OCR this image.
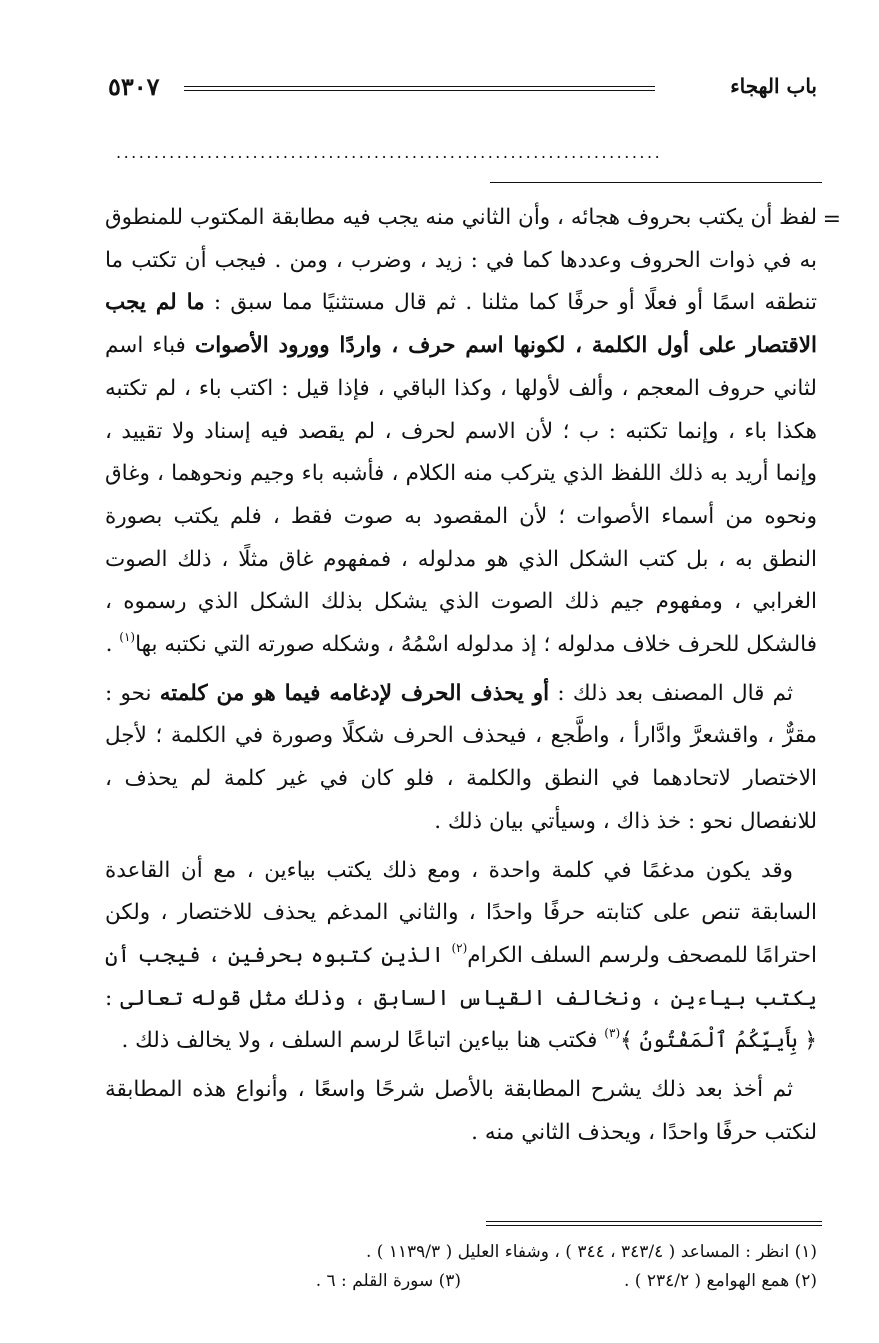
باب الهجاء
٥٣٠٧
........................................................................
=

لفظ أن يكتب بحروف هجائه ، وأن الثاني منه يجب فيه مطابقة المكتوب للمنطوق به في ذوات الحروف وعددها كما في : زيد ، وضرب ، ومن . فيجب أن تكتب ما تنطقه اسمًا أو فعلًا أو حرفًا كما مثلنا . ثم قال مستثنيًا مما سبق : ما لم يجب الاقتصار على أول الكلمة ، لكونها اسم حرف ، واردًا وورود الأصوات فباء اسم لثاني حروف المعجم ، وألف لأولها ، وكذا الباقي ، فإذا قيل : اكتب باء ، لم تكتبه هكذا باء ، وإنما تكتبه : ب ؛ لأن الاسم لحرف ، لم يقصد فيه إسناد ولا تقييد ، وإنما أريد به ذلك اللفظ الذي يتركب منه الكلام ، فأشبه باء وجيم ونحوهما ، وغاق ونحوه من أسماء الأصوات ؛ لأن المقصود به صوت فقط ، فلم يكتب بصورة النطق به ، بل كتب الشكل الذي هو مدلوله ، فمفهوم غاق مثلًا ، ذلك الصوت الغرابي ، ومفهوم جيم ذلك الصوت الذي يشكل بذلك الشكل الذي رسموه ، فالشكل للحرف خلاف مدلوله ؛ إذ مدلوله اسْمُهُ ، وشكله صورته التي نكتبه بها$^{(١)}$ .

ثم قال المصنف بعد ذلك : أو يحذف الحرف لإدغامه فيما هو من كلمته نحو : مقرٌّ ، واقشعرَّ وادَّارأ ، واطَّجع ، فيحذف الحرف شكلًا وصورة في الكلمة ؛ لأجل الاختصار لاتحادهما في النطق والكلمة ، فلو كان في غير كلمة لم يحذف ، للانفصال نحو : خذ ذاك ، وسيأتي بيان ذلك .

وقد يكون مدغمًا في كلمة واحدة ، ومع ذلك يكتب بياءين ، مع أن القاعدة السابقة تنص على كتابته حرفًا واحدًا ، والثاني المدغم يحذف للاختصار ، ولكن احترامًا للمصحف ولرسم السلف الكرام$^{(٢)}$ الذين كتبوه بحرفين ، فيجب أن يكتب بياءين ، ونخالف القياس السابق ، وذلك مثل قوله تعالى : ﴿ بِأَييِّكُمُ ٱلْمَفْتُونُ ﴾$^{(٣)}$ فكتب هنا بياءين اتباعًا لرسم السلف ، ولا يخالف ذلك .

ثم أخذ بعد ذلك يشرح المطابقة بالأصل شرحًا واسعًا ، وأنواع هذه المطابقة لنكتب حرفًا واحدًا ، ويحذف الثاني منه .

(١) انظر : المساعد ( ٣٤٣/٤ ، ٣٤٤ ) ، وشفاء العليل ( ١١٣٩/٣ ) .
(٢) همع الهوامع ( ٢٣٤/٢ ) .
(٣) سورة القلم : ٦ .
